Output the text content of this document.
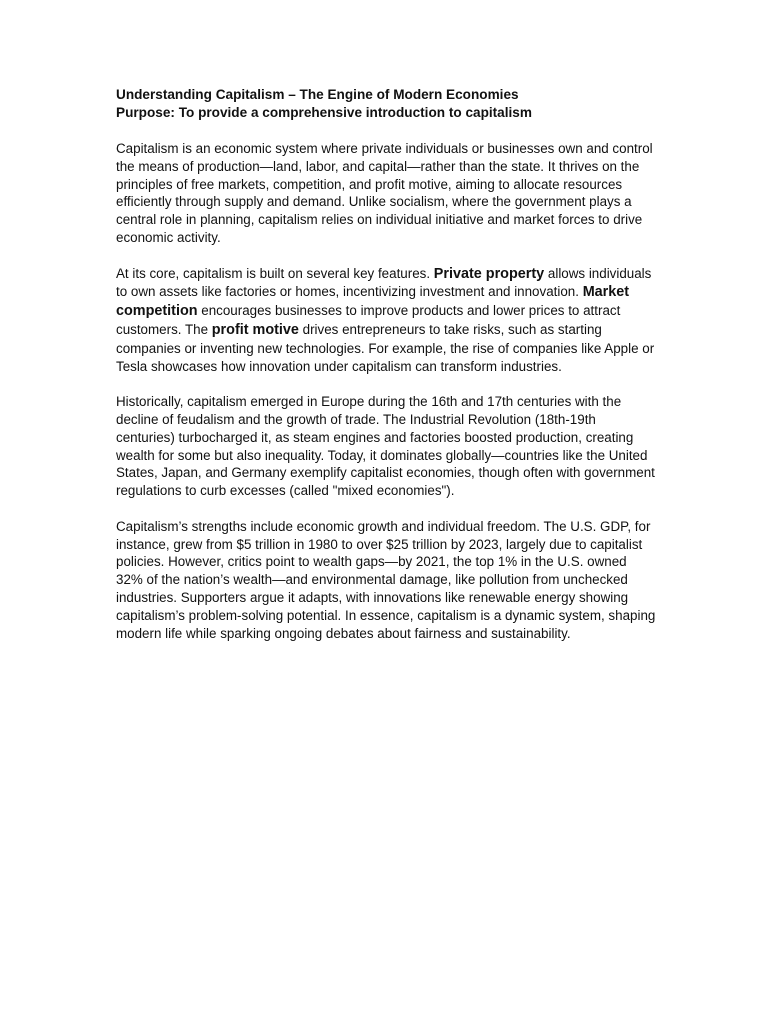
Understanding Capitalism – The Engine of Modern Economies

Purpose: To provide a comprehensive introduction to capitalism

Capitalism is an economic system where private individuals or businesses own and control the means of production—land, labor, and capital—rather than the state. It thrives on the principles of free markets, competition, and profit motive, aiming to allocate resources efficiently through supply and demand. Unlike socialism, where the government plays a central role in planning, capitalism relies on individual initiative and market forces to drive economic activity.

At its core, capitalism is built on several key features. Private property allows individuals to own assets like factories or homes, incentivizing investment and innovation. Market competition encourages businesses to improve products and lower prices to attract customers. The profit motive drives entrepreneurs to take risks, such as starting companies or inventing new technologies. For example, the rise of companies like Apple or Tesla showcases how innovation under capitalism can transform industries.

Historically, capitalism emerged in Europe during the 16th and 17th centuries with the decline of feudalism and the growth of trade. The Industrial Revolution (18th-19th centuries) turbocharged it, as steam engines and factories boosted production, creating wealth for some but also inequality. Today, it dominates globally—countries like the United States, Japan, and Germany exemplify capitalist economies, though often with government regulations to curb excesses (called "mixed economies").

Capitalism’s strengths include economic growth and individual freedom. The U.S. GDP, for instance, grew from $5 trillion in 1980 to over $25 trillion by 2023, largely due to capitalist policies. However, critics point to wealth gaps—by 2021, the top 1% in the U.S. owned 32% of the nation’s wealth—and environmental damage, like pollution from unchecked industries. Supporters argue it adapts, with innovations like renewable energy showing capitalism’s problem-solving potential. In essence, capitalism is a dynamic system, shaping modern life while sparking ongoing debates about fairness and sustainability.
